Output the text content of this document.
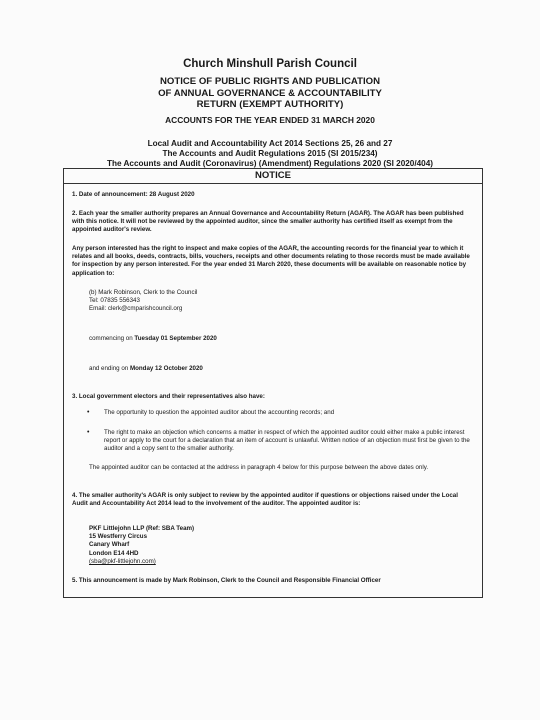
Church Minshull Parish Council
NOTICE OF PUBLIC RIGHTS AND PUBLICATION
OF ANNUAL GOVERNANCE & ACCOUNTABILITY
RETURN (EXEMPT AUTHORITY)
ACCOUNTS FOR THE YEAR ENDED 31 MARCH 2020
Local Audit and Accountability Act 2014 Sections 25, 26 and 27
The Accounts and Audit Regulations 2015 (SI 2015/234)
The Accounts and Audit (Coronavirus) (Amendment) Regulations 2020 (SI 2020/404)
NOTICE
1. Date of announcement: 28 August 2020
2. Each year the smaller authority prepares an Annual Governance and Accountability Return (AGAR). The AGAR has been published with this notice. It will not be reviewed by the appointed auditor, since the smaller authority has certified itself as exempt from the appointed auditor's review.
Any person interested has the right to inspect and make copies of the AGAR, the accounting records for the financial year to which it relates and all books, deeds, contracts, bills, vouchers, receipts and other documents relating to those records must be made available for inspection by any person interested. For the year ended 31 March 2020, these documents will be available on reasonable notice by application to:
(b) Mark Robinson, Clerk to the Council
Tel: 07835 556343
Email: clerk@cmparishcouncil.org
commencing on Tuesday 01 September 2020
and ending on Monday 12 October 2020
3. Local government electors and their representatives also have:
• The opportunity to question the appointed auditor about the accounting records; and
• The right to make an objection which concerns a matter in respect of which the appointed auditor could either make a public interest report or apply to the court for a declaration that an item of account is unlawful. Written notice of an objection must first be given to the auditor and a copy sent to the smaller authority.
The appointed auditor can be contacted at the address in paragraph 4 below for this purpose between the above dates only.
4. The smaller authority's AGAR is only subject to review by the appointed auditor if questions or objections raised under the Local Audit and Accountability Act 2014 lead to the involvement of the auditor. The appointed auditor is:
PKF Littlejohn LLP (Ref: SBA Team)
15 Westferry Circus
Canary Wharf
London E14 4HD
(sba@pkf-littlejohn.com)
5. This announcement is made by Mark Robinson, Clerk to the Council and Responsible Financial Officer
